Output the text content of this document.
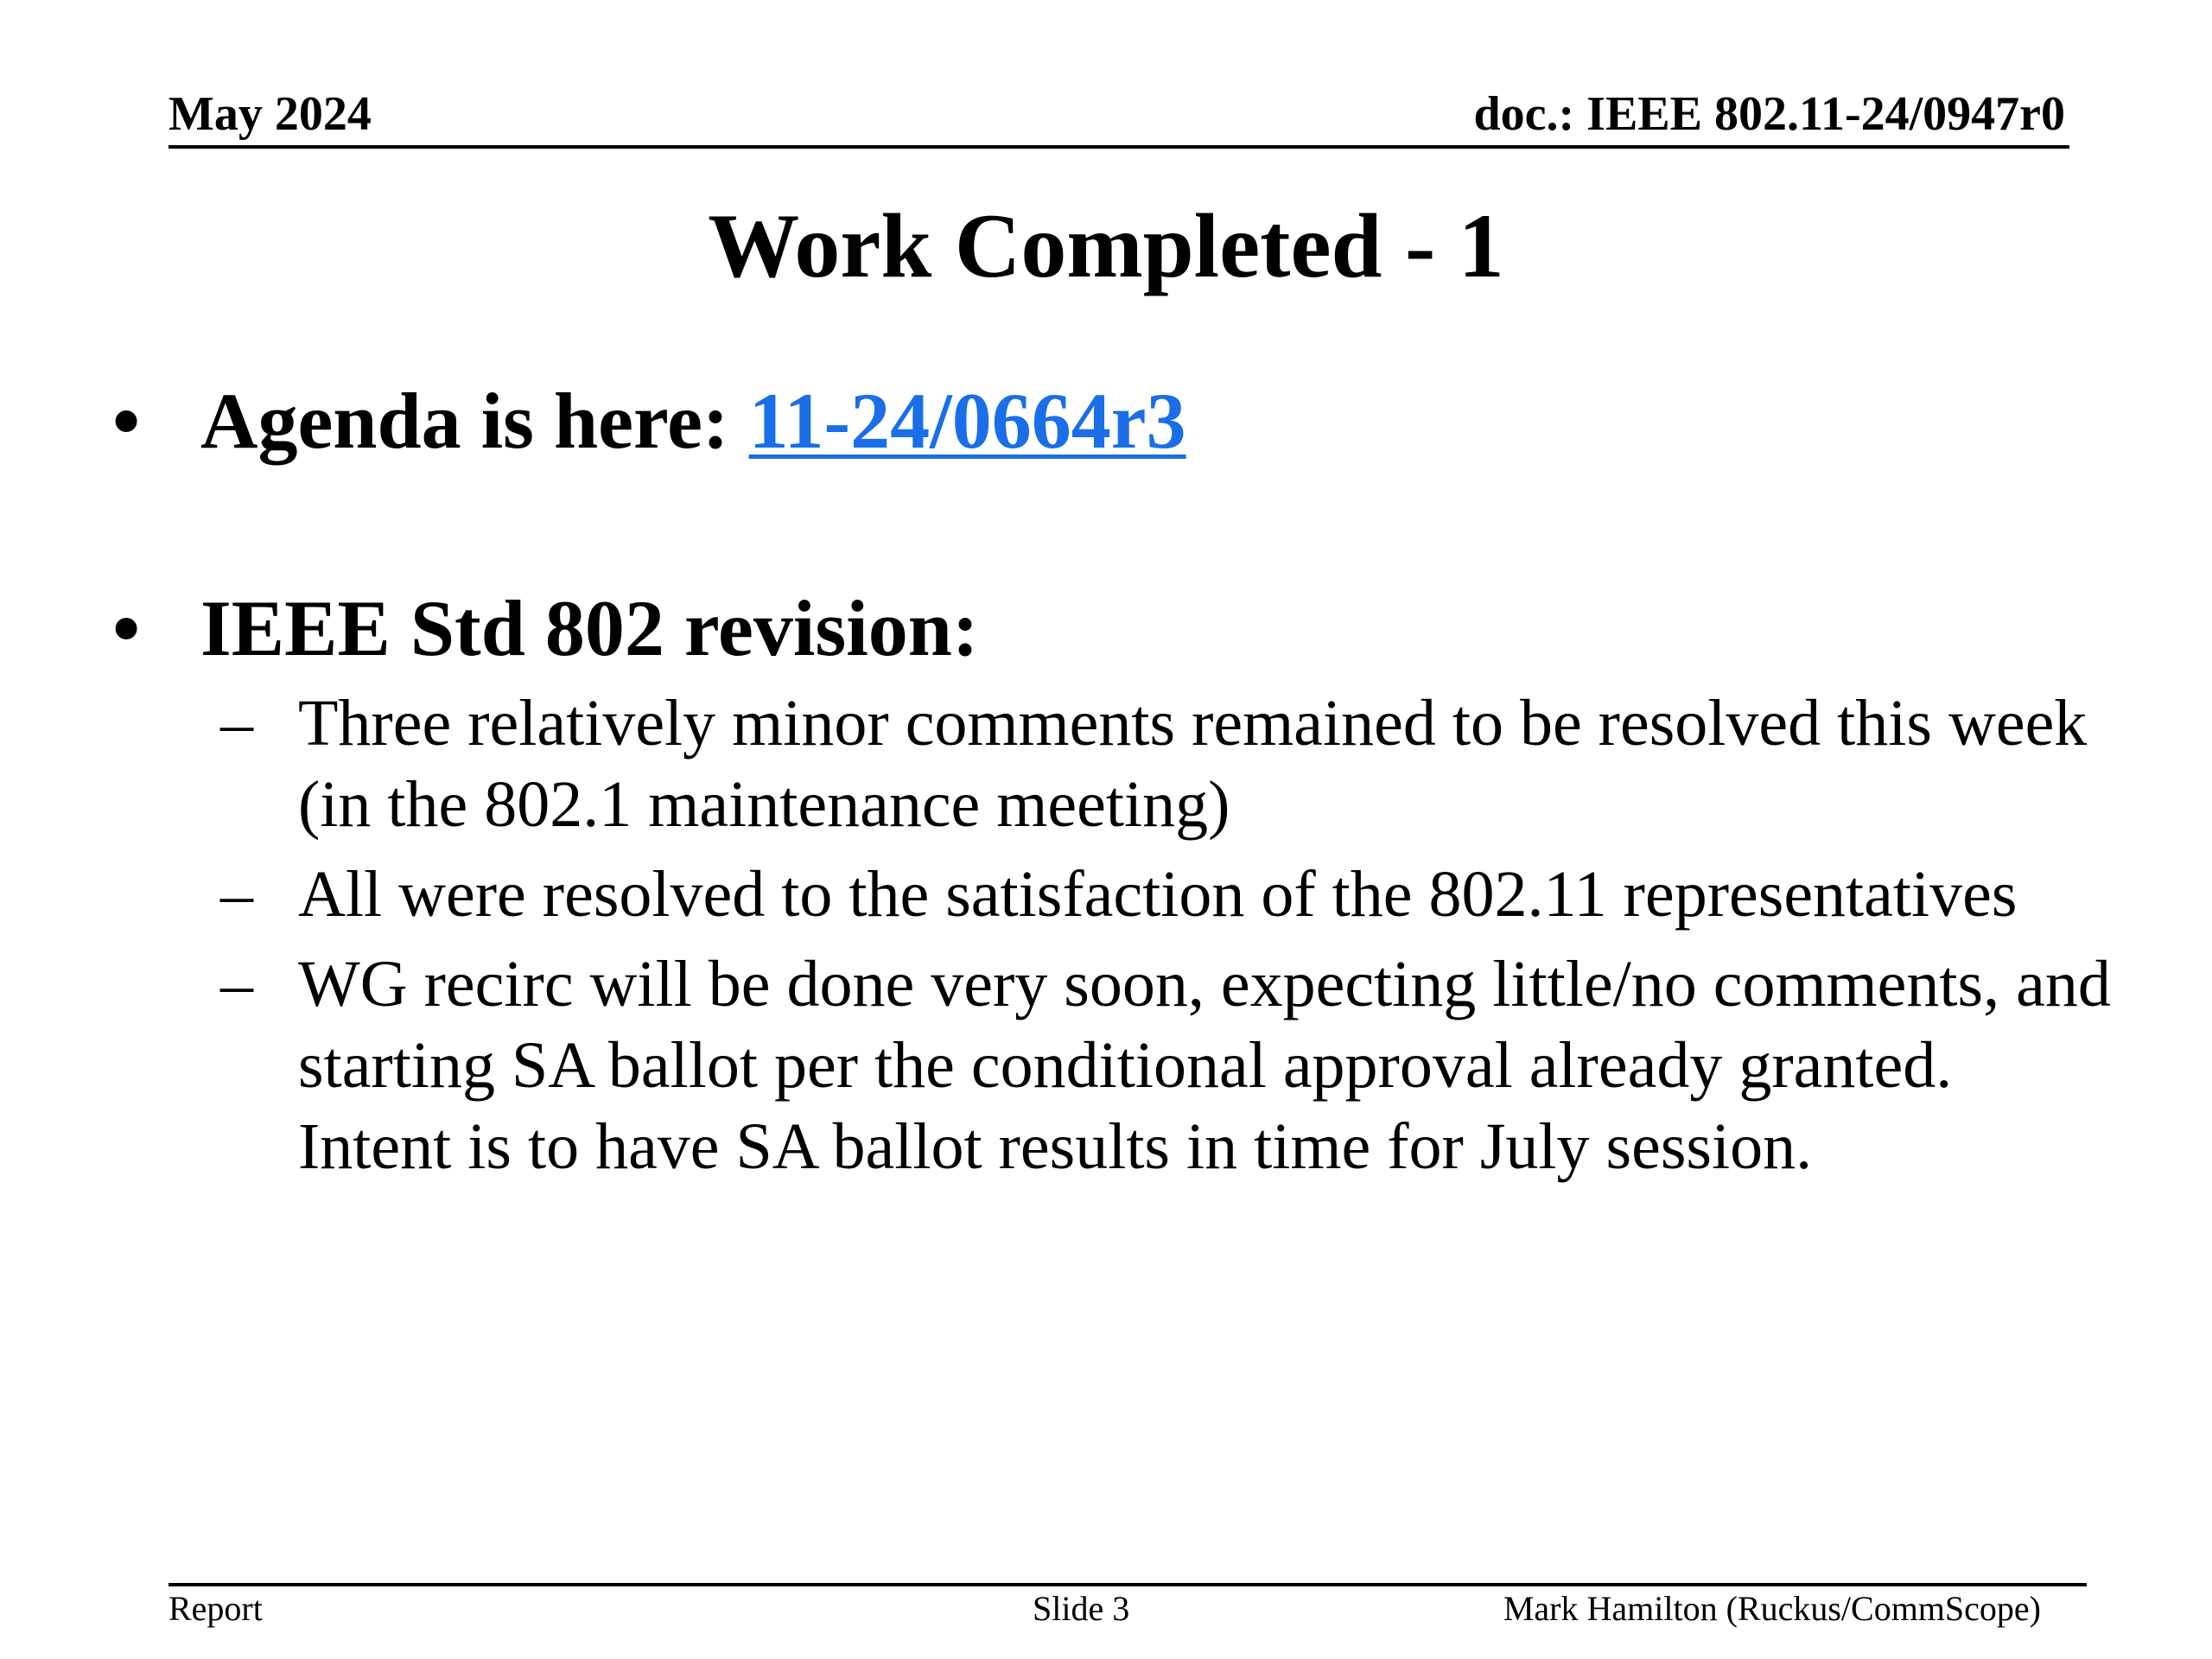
May 2024	doc.: IEEE 802.11-24/0947r0
Work Completed - 1
• Agenda is here: 11-24/0664r3
• IEEE Std 802 revision:
– Three relatively minor comments remained to be resolved this week (in the 802.1 maintenance meeting)
– All were resolved to the satisfaction of the 802.11 representatives
– WG recirc will be done very soon, expecting little/no comments, and starting SA ballot per the conditional approval already granted. Intent is to have SA ballot results in time for July session.
Report	Slide 3	Mark Hamilton (Ruckus/CommScope)
